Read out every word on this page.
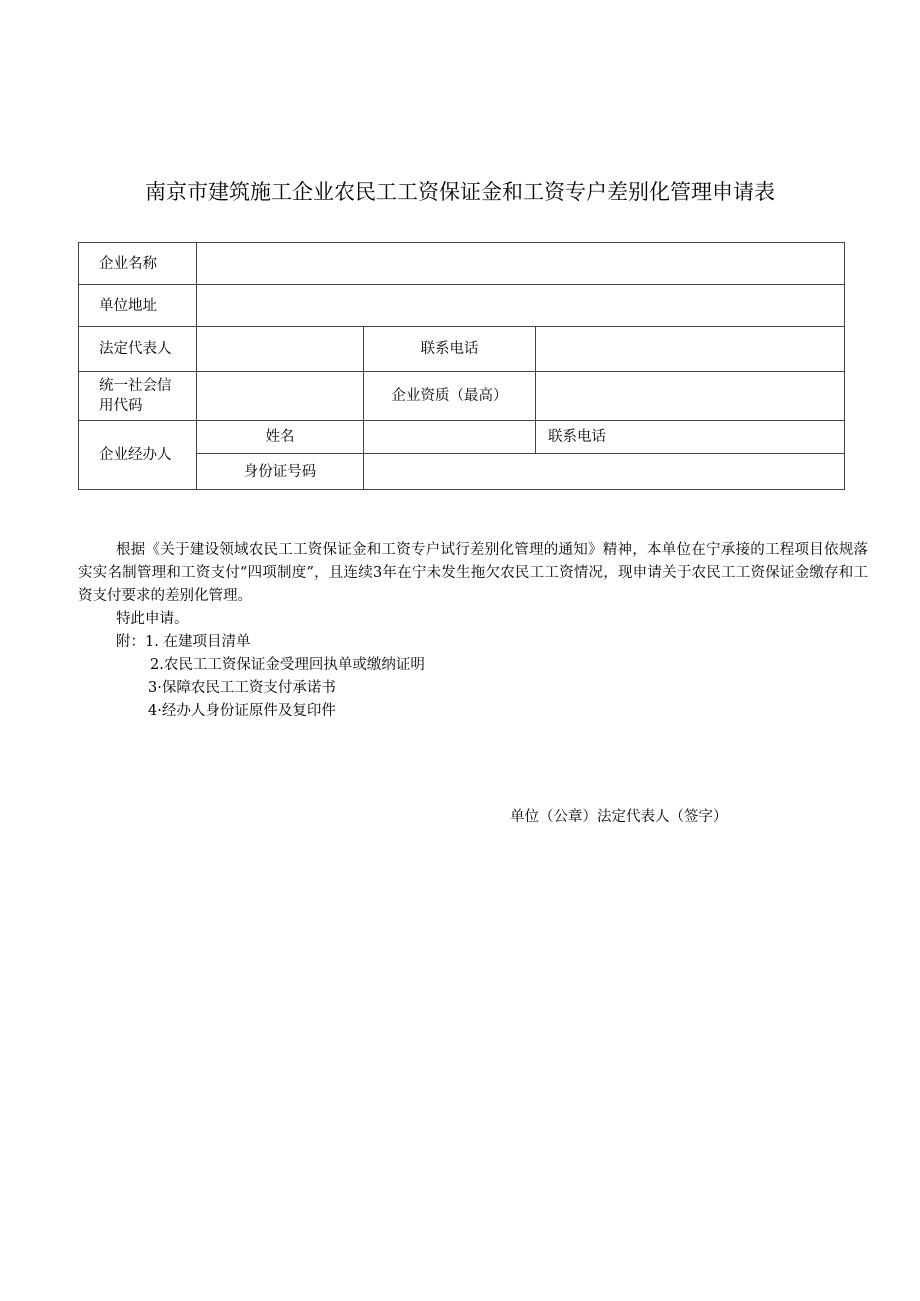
南京市建筑施工企业农民工工资保证金和工资专户差别化管理申请表
企业名称			
单位地址			
法定代表人		联系电话	

统一社会信
用代码		企业资质（最高）	
企业经办人	姓名		联系电话
	身份证号码		

根据《关于建设领域农民工工资保证金和工资专户试行差别化管理的通知》精神，本单位在宁承接的工程项目依规落实实名制管理和工资支付“四项制度”，且连续3年在宁未发生拖欠农民工工资情况，现申请关于农民工工资保证金缴存和工资支付要求的差别化管理。

特此申请。

附：1. 在建项目清单

2.农民工工资保证金受理回执单或缴纳证明

3·保障农民工工资支付承诺书

4·经办人身份证原件及复印件

单位（公章）法定代表人（签字）
